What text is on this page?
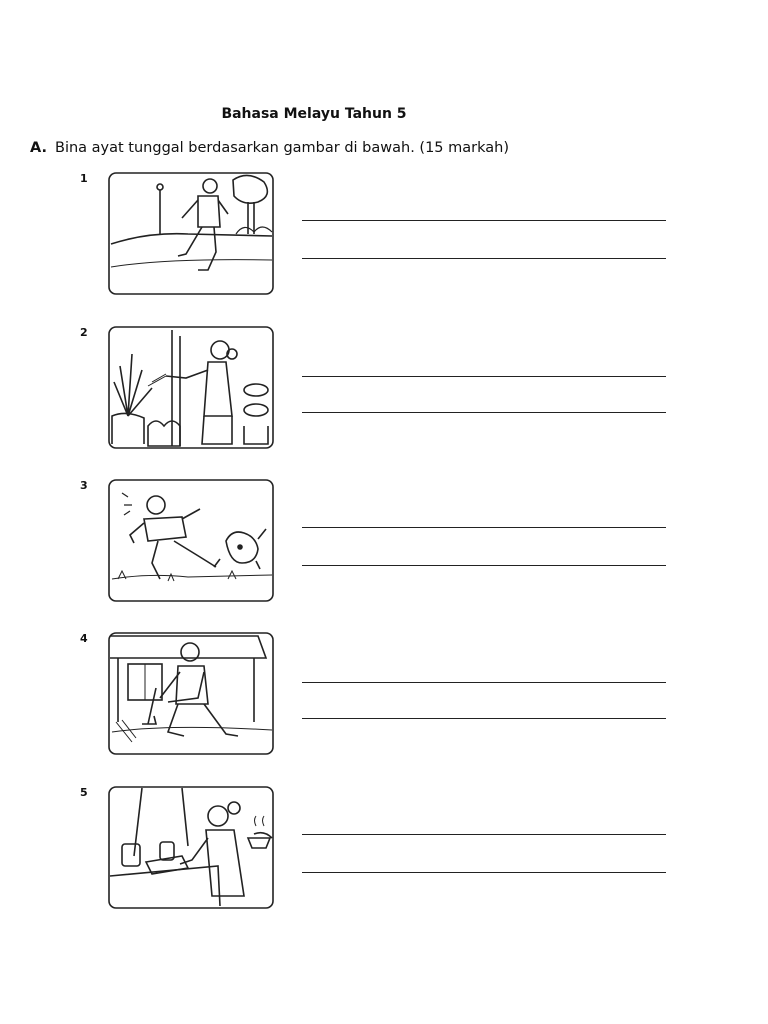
Bahasa Melayu Tahun 5
A. Bina ayat tunggal berdasarkan gambar di bawah. (15 markah)
1
2
3
4
5
